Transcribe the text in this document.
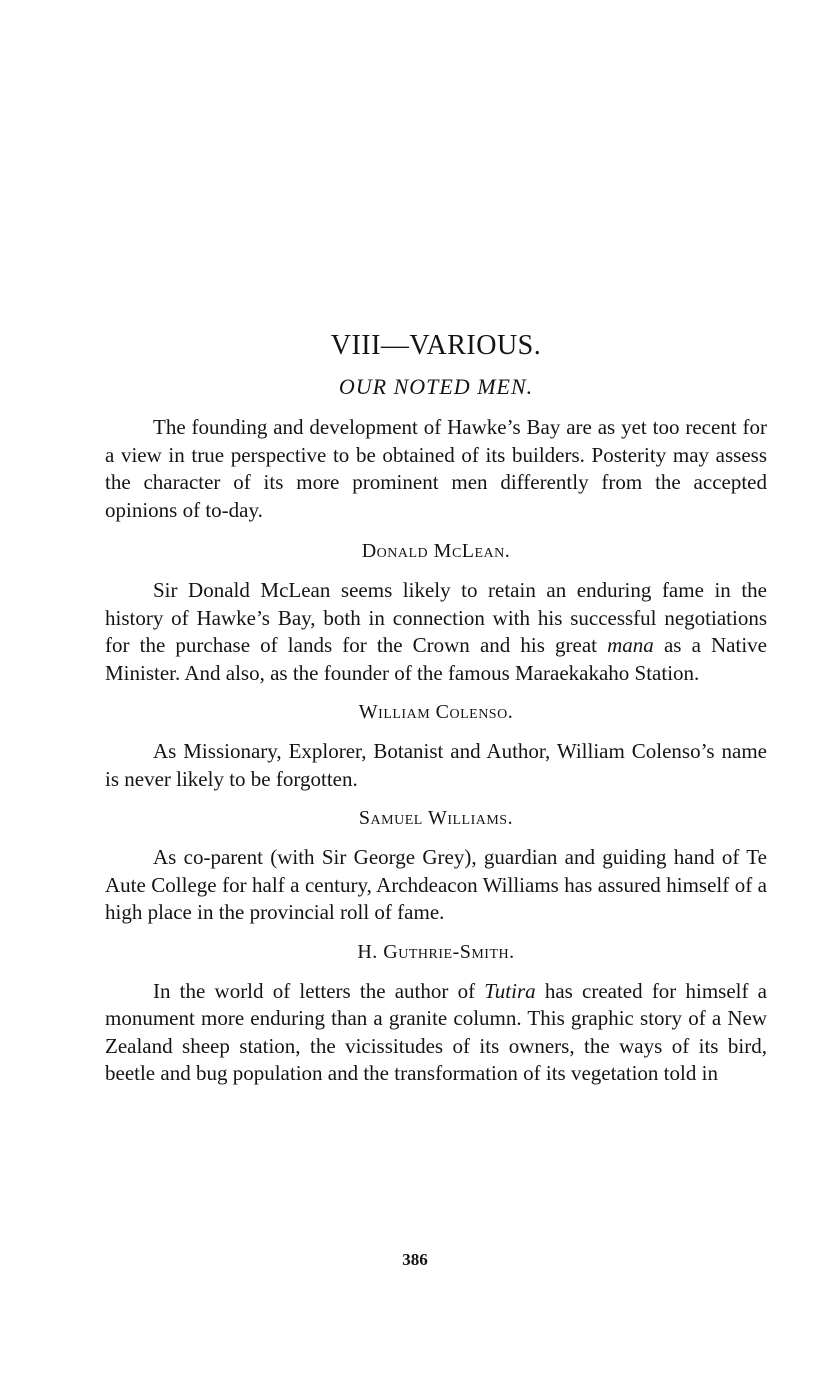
VIII—VARIOUS.
OUR NOTED MEN.

The founding and development of Hawke’s Bay are as yet too recent for a view in true perspective to be obtained of its builders. Posterity may assess the character of its more prominent men differently from the accepted opinions of to-day.

Donald McLean.

Sir Donald McLean seems likely to retain an enduring fame in the history of Hawke’s Bay, both in connection with his successful negotiations for the purchase of lands for the Crown and his great mana as a Native Minister. And also, as the founder of the famous Maraekakaho Station.

William Colenso.

As Missionary, Explorer, Botanist and Author, William Colenso’s name is never likely to be forgotten.

Samuel Williams.

As co-parent (with Sir George Grey), guardian and guiding hand of Te Aute College for half a century, Archdeacon Williams has assured himself of a high place in the provincial roll of fame.

H. Guthrie-Smith.

In the world of letters the author of Tutira has created for himself a monument more enduring than a granite column. This graphic story of a New Zealand sheep station, the vicissitudes of its owners, the ways of its bird, beetle and bug population and the transformation of its vegetation told in

386
